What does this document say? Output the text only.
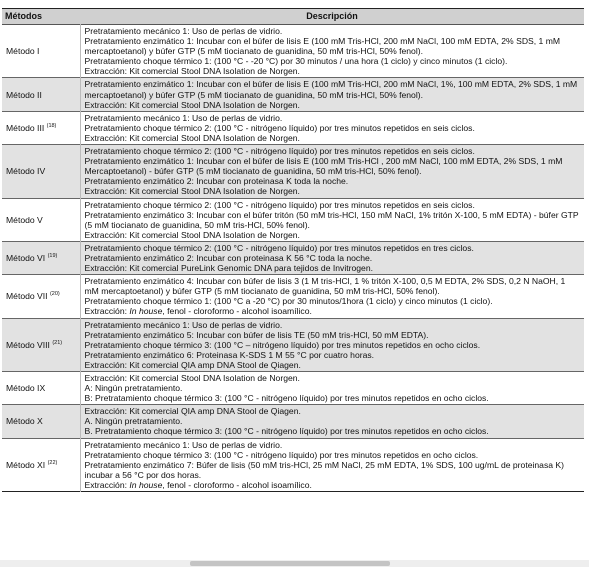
Métodos	Descripción
Método I	Pretratamiento mecánico 1: Uso de perlas de vidrio.
Pretratamiento enzimático 1: Incubar con el búfer de lisis E (100 mM Tris-HCl, 200 mM NaCl, 100 mM EDTA, 2% SDS, 1 mM mercaptoetanol) y búfer GTP (5 mM tiocianato de guanidina, 50 mM tris-HCl, 50% fenol).
Pretratamiento choque térmico 1: (100 °C - -20 °C) por 30 minutos / una hora (1 ciclo) y cinco minutos (1 ciclo).
Extracción: Kit comercial Stool DNA Isolation de Norgen.

Método II	Pretratamiento enzimático 1: Incubar con el búfer de lisis E (100 mM Tris-HCl, 200 mM NaCl, 1%, 100 mM EDTA, 2% SDS, 1 mM mercaptoetanol) y búfer GTP (5 mM tiocianato de guanidina, 50 mM tris-HCl, 50% fenol).
Extracción: Kit comercial Stool DNA Isolation de Norgen.

Método III $^{(18)}$	Pretratamiento mecánico 1: Uso de perlas de vidrio.
Pretratamiento choque térmico 2: (100 °C - nitrógeno líquido) por tres minutos repetidos en seis ciclos.
Extracción: Kit comercial Stool DNA Isolation de Norgen.

Método IV	Pretratamiento choque térmico 2: (100 °C - nitrógeno líquido) por tres minutos repetidos en seis ciclos.
Pretratamiento enzimático 1: Incubar con el búfer de lisis E (100 mM Tris-HCl , 200 mM NaCl, 100 mM EDTA, 2% SDS, 1 mM Mercaptoetanol) - búfer GTP (5 mM tiocianato de guanidina, 50 mM tris-HCl, 50% fenol).
Pretratamiento enzimático 2: Incubar con proteinasa K toda la noche.
Extracción: Kit comercial Stool DNA Isolation de Norgen.

Método V	Pretratamiento choque térmico 2: (100 °C - nitrógeno líquido) por tres minutos repetidos en seis ciclos.
Pretratamiento enzimático 3: Incubar con el búfer tritón (50 mM tris-HCl, 150 mM NaCl, 1% tritón X-100, 5 mM EDTA) - búfer GTP (5 mM tiocianato de guanidina, 50 mM tris-HCl, 50% fenol).
Extracción: Kit comercial Stool DNA Isolation de Norgen.

Método VI $^{(19)}$	Pretratamiento choque térmico 2: (100 °C - nitrógeno líquido) por tres minutos repetidos en tres ciclos.
Pretratamiento enzimático 2: Incubar con proteinasa K 56 °C toda la noche.
Extracción: Kit comercial PureLink Genomic DNA para tejidos de Invitrogen.

Método VII $^{(20)}$	Pretratamiento enzimático 4: Incubar con búfer de lisis 3 (1 M tris-HCl, 1 % tritón X-100, 0,5 M EDTA, 2% SDS, 0,2 N NaOH, 1 mM mercaptoetanol) y búfer GTP (5 mM tiocianato de guanidina, 50 mM tris-HCl, 50% fenol).
Pretratamiento choque térmico 1: (100 °C a -20 °C) por 30 minutos/1hora (1 ciclo) y cinco minutos (1 ciclo).
Extracción: In house, fenol - cloroformo - alcohol isoamílico.

Método VIII $^{(21)}$	Pretratamiento mecánico 1: Uso de perlas de vidrio.
Pretratamiento enzimático 5: Incubar con búfer de lisis TE (50 mM tris-HCl, 50 mM EDTA).
Pretratamiento choque térmico 3: (100 °C – nitrógeno líquido) por tres minutos repetidos en ocho ciclos.
Pretratamiento enzimático 6: Proteinasa K-SDS 1 M 55 °C por cuatro horas.
Extracción: Kit comercial QIA amp DNA Stool de Qiagen.

Método IX	Extracción: Kit comercial Stool DNA Isolation de Norgen.
A: Ningún pretratamiento.
B: Pretratamiento choque térmico 3: (100 °C - nitrógeno líquido) por tres minutos repetidos en ocho ciclos.

Método X	Extracción: Kit comercial QIA amp DNA Stool de Qiagen.
A. Ningún pretratamiento.
B. Pretratamiento choque térmico 3: (100 °C - nitrógeno líquido) por tres minutos repetidos en ocho ciclos.

Método XI $^{(22)}$	Pretratamiento mecánico 1: Uso de perlas de vidrio.
Pretratamiento choque térmico 3: (100 °C - nitrógeno líquido) por tres minutos repetidos en ocho ciclos.
Pretratamiento enzimático 7: Búfer de lisis (50 mM tris-HCl, 25 mM NaCl, 25 mM EDTA, 1% SDS, 100 ug/mL de proteinasa K) incubar a 56 °C por dos horas.
Extracción: In house, fenol - cloroformo - alcohol isoamílico.
